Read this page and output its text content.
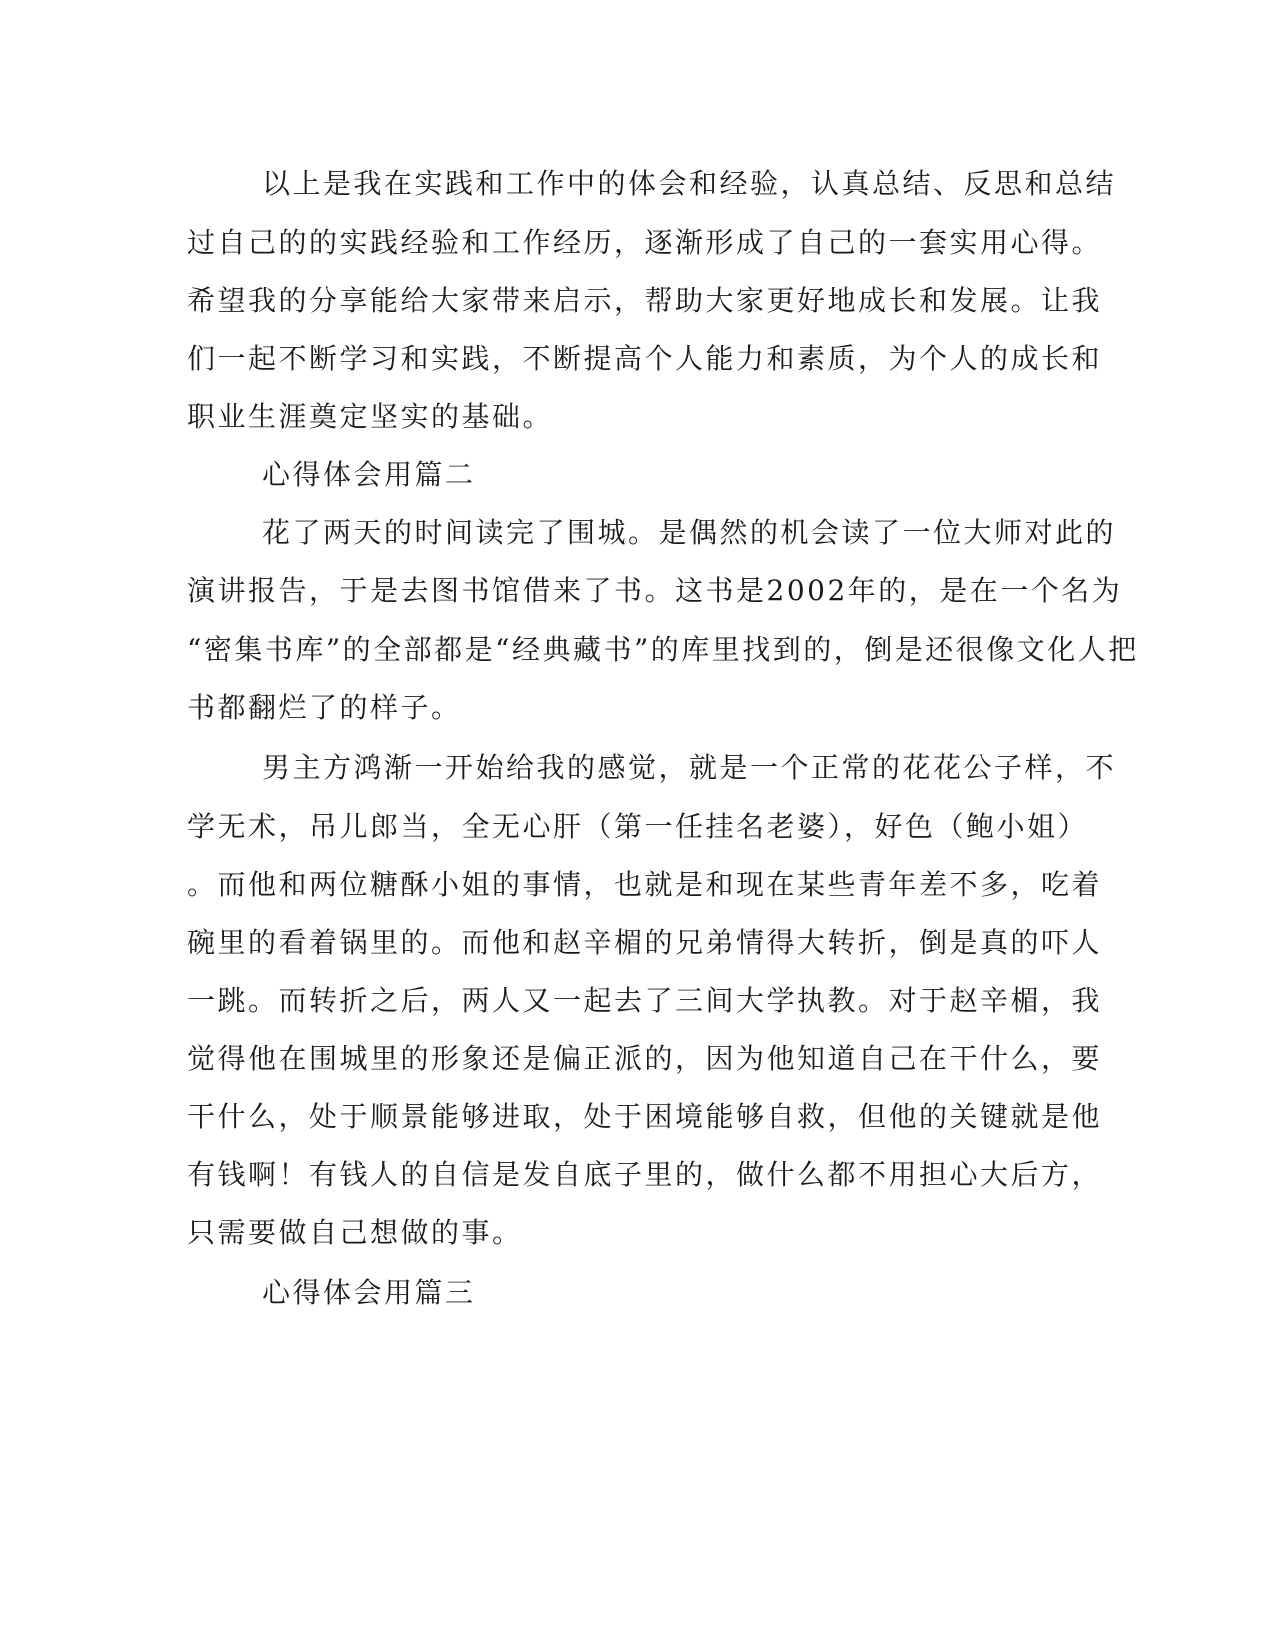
以上是我在实践和工作中的体会和经验，认真总结、反思和总结

过自己的的实践经验和工作经历，逐渐形成了自己的一套实用心得。

希望我的分享能给大家带来启示，帮助大家更好地成长和发展。让我

们一起不断学习和实践，不断提高个人能力和素质，为个人的成长和

职业生涯奠定坚实的基础。

心得体会用篇二

花了两天的时间读完了围城。是偶然的机会读了一位大师对此的

演讲报告，于是去图书馆借来了书。这书是2002年的，是在一个名为

“密集书库”的全部都是“经典藏书”的库里找到的，倒是还很像文化人把

书都翻烂了的样子。

男主方鸿渐一开始给我的感觉，就是一个正常的花花公子样，不

学无术，吊儿郎当，全无心肝（第一任挂名老婆），好色（鲍小姐）

。而他和两位糖酥小姐的事情，也就是和现在某些青年差不多，吃着

碗里的看着锅里的。而他和赵辛楣的兄弟情得大转折，倒是真的吓人

一跳。而转折之后，两人又一起去了三间大学执教。对于赵辛楣，我

觉得他在围城里的形象还是偏正派的，因为他知道自己在干什么，要

干什么，处于顺景能够进取，处于困境能够自救，但他的关键就是他

有钱啊！有钱人的自信是发自底子里的，做什么都不用担心大后方，

只需要做自己想做的事。

心得体会用篇三
